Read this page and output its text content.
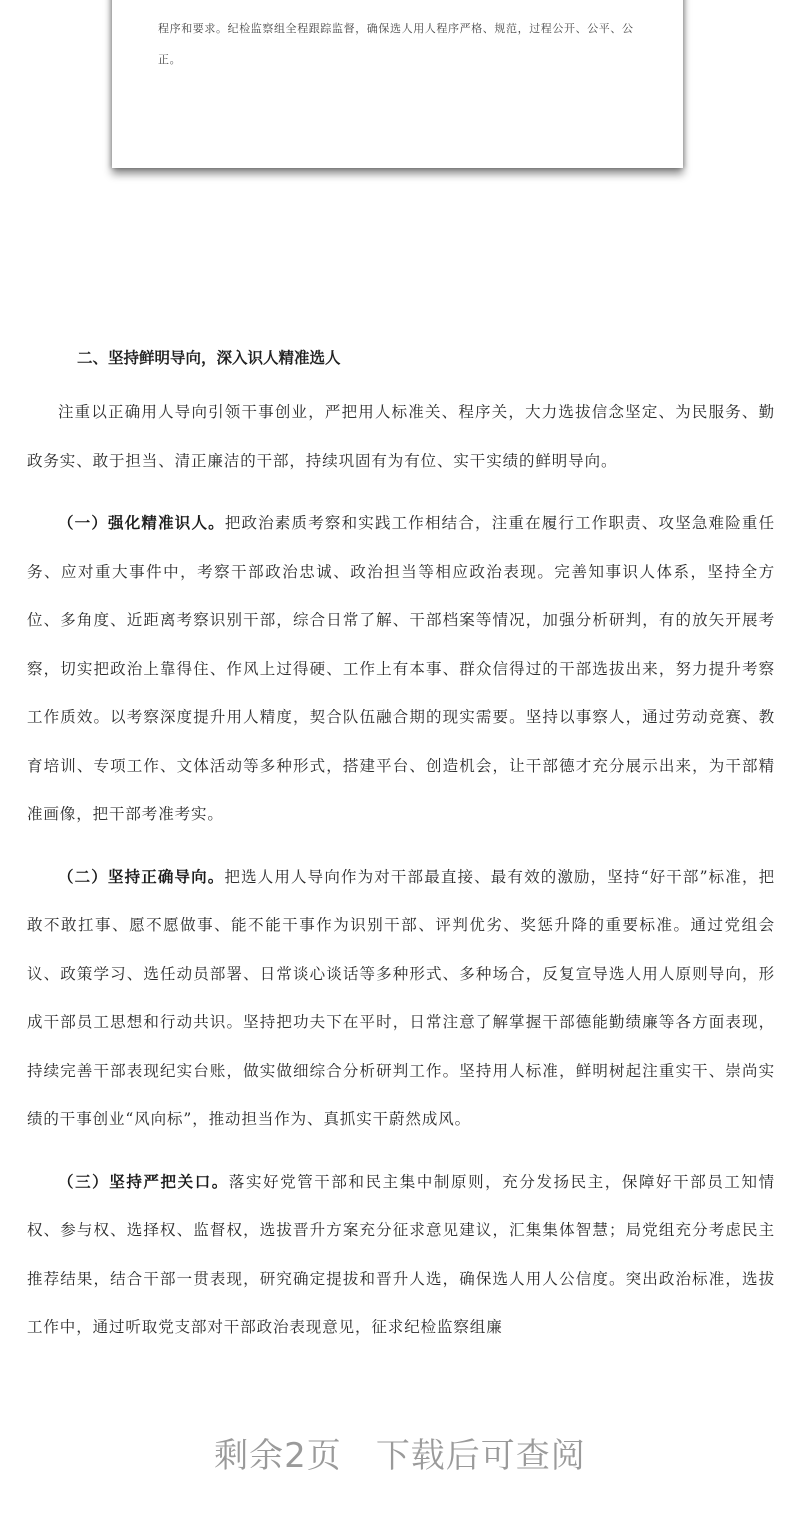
程序和要求。纪检监察组全程跟踪监督，确保选人用人程序严格、规范，过程公开、公平、公正。
二、坚持鲜明导向，深入识人精准选人

注重以正确用人导向引领干事创业，严把用人标准关、程序关，大力选拔信念坚定、为民服务、勤政务实、敢于担当、清正廉洁的干部，持续巩固有为有位、实干实绩的鲜明导向。

（一）强化精准识人。把政治素质考察和实践工作相结合，注重在履行工作职责、攻坚急难险重任务、应对重大事件中，考察干部政治忠诚、政治担当等相应政治表现。完善知事识人体系，坚持全方位、多角度、近距离考察识别干部，综合日常了解、干部档案等情况，加强分析研判，有的放矢开展考察，切实把政治上靠得住、作风上过得硬、工作上有本事、群众信得过的干部选拔出来，努力提升考察工作质效。以考察深度提升用人精度，契合队伍融合期的现实需要。坚持以事察人，通过劳动竞赛、教育培训、专项工作、文体活动等多种形式，搭建平台、创造机会，让干部德才充分展示出来，为干部精准画像，把干部考准考实。

（二）坚持正确导向。把选人用人导向作为对干部最直接、最有效的激励，坚持“好干部”标准，把敢不敢扛事、愿不愿做事、能不能干事作为识别干部、评判优劣、奖惩升降的重要标准。通过党组会议、政策学习、选任动员部署、日常谈心谈话等多种形式、多种场合，反复宣导选人用人原则导向，形成干部员工思想和行动共识。坚持把功夫下在平时，日常注意了解掌握干部德能勤绩廉等各方面表现，持续完善干部表现纪实台账，做实做细综合分析研判工作。坚持用人标准，鲜明树起注重实干、崇尚实绩的干事创业“风向标”，推动担当作为、真抓实干蔚然成风。

（三）坚持严把关口。落实好党管干部和民主集中制原则，充分发扬民主，保障好干部员工知情权、参与权、选择权、监督权，选拔晋升方案充分征求意见建议，汇集集体智慧；局党组充分考虑民主推荐结果，结合干部一贯表现，研究确定提拔和晋升人选，确保选人用人公信度。突出政治标准，选拔工作中，通过听取党支部对干部政治表现意见，征求纪检监察组廉

剩余2页 下载后可查阅
